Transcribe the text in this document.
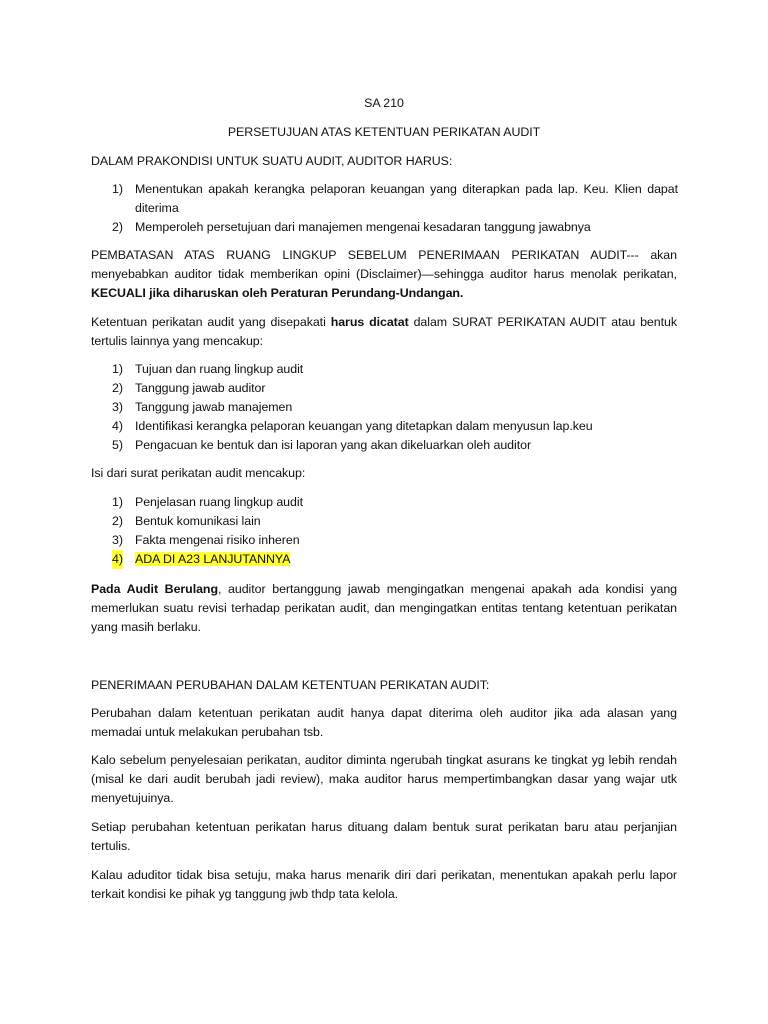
SA 210
PERSETUJUAN ATAS KETENTUAN PERIKATAN AUDIT
DALAM PRAKONDISI UNTUK SUATU AUDIT, AUDITOR HARUS:
1) Menentukan apakah kerangka pelaporan keuangan yang diterapkan pada lap. Keu. Klien dapat diterima
2) Memperoleh persetujuan dari manajemen mengenai kesadaran tanggung jawabnya
PEMBATASAN ATAS RUANG LINGKUP SEBELUM PENERIMAAN PERIKATAN AUDIT--- akan menyebabkan auditor tidak memberikan opini (Disclaimer)—sehingga auditor harus menolak perikatan, KECUALI jika diharuskan oleh Peraturan Perundang-Undangan.
Ketentuan perikatan audit yang disepakati harus dicatat dalam SURAT PERIKATAN AUDIT atau bentuk tertulis lainnya yang mencakup:
1) Tujuan dan ruang lingkup audit
2) Tanggung jawab auditor
3) Tanggung jawab manajemen
4) Identifikasi kerangka pelaporan keuangan yang ditetapkan dalam menyusun lap.keu
5) Pengacuan ke bentuk dan isi laporan yang akan dikeluarkan oleh auditor
Isi dari surat perikatan audit mencakup:
1) Penjelasan ruang lingkup audit
2) Bentuk komunikasi lain
3) Fakta mengenai risiko inheren
4) ADA DI A23 LANJUTANNYA
Pada Audit Berulang, auditor bertanggung jawab mengingatkan mengenai apakah ada kondisi yang memerlukan suatu revisi terhadap perikatan audit, dan mengingatkan entitas tentang ketentuan perikatan yang masih berlaku.
PENERIMAAN PERUBAHAN DALAM KETENTUAN PERIKATAN AUDIT:
Perubahan dalam ketentuan perikatan audit hanya dapat diterima oleh auditor jika ada alasan yang memadai untuk melakukan perubahan tsb.
Kalo sebelum penyelesaian perikatan, auditor diminta ngerubah tingkat asurans ke tingkat yg lebih rendah (misal ke dari audit berubah jadi review), maka auditor harus mempertimbangkan dasar yang wajar utk menyetujuinya.
Setiap perubahan ketentuan perikatan harus dituang dalam bentuk surat perikatan baru atau perjanjian tertulis.
Kalau aduditor tidak bisa setuju, maka harus menarik diri dari perikatan, menentukan apakah perlu lapor terkait kondisi ke pihak yg tanggung jwb thdp tata kelola.
